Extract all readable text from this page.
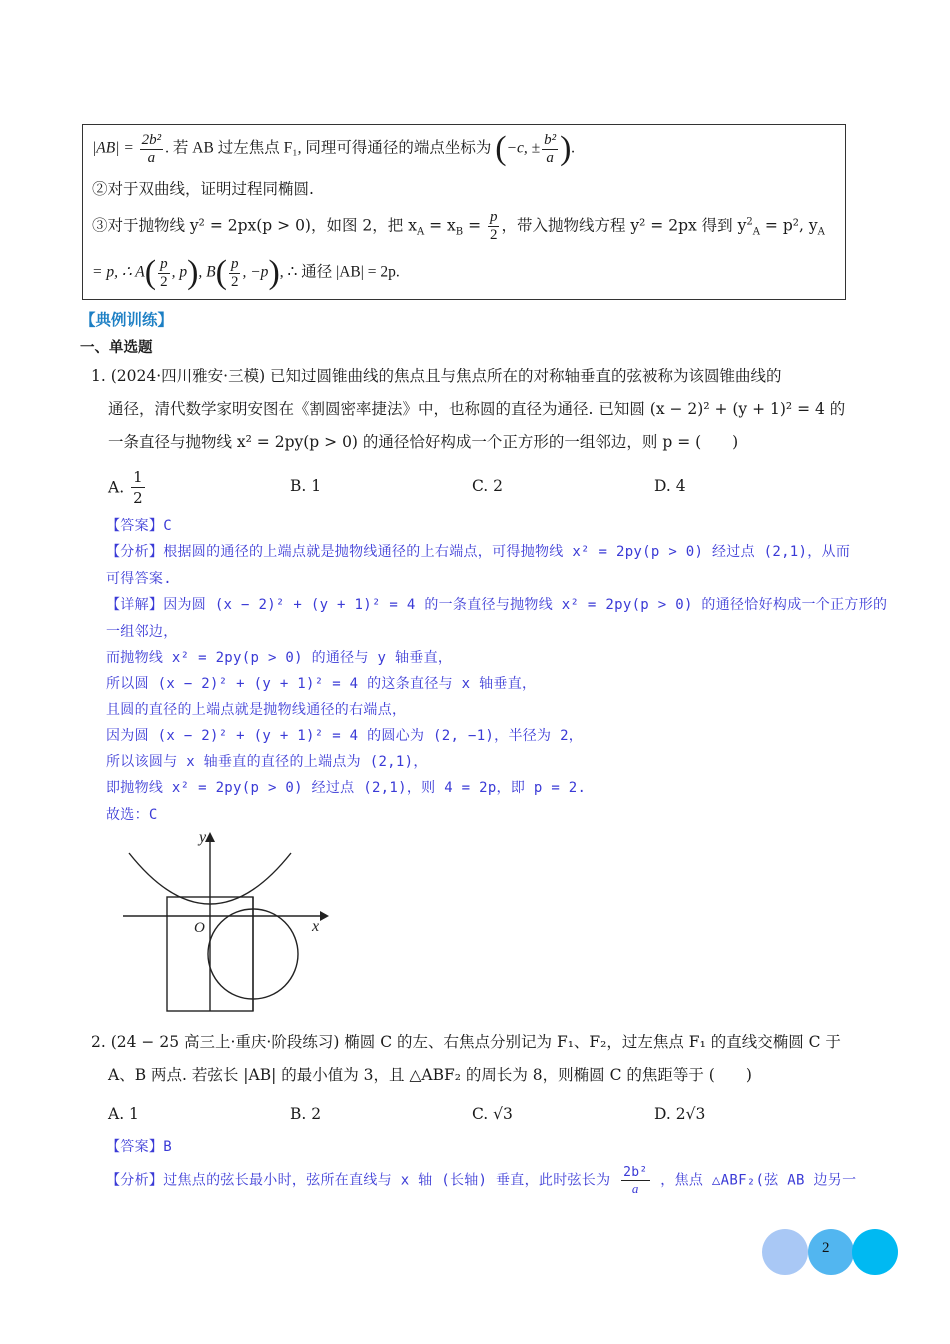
$|AB| = \frac{\text{2b²}}{a}$ . 若 AB 过左焦点 F₁, 同理可得通径的端点坐标为 (−c, ± $\frac{\text{b²}}{a}$ ).
②对于双曲线，证明过程同椭圆.
③对于抛物线 y² = 2px(p > 0)，如图 2，把 $x_A = x_B = \frac{p}{2}$ ，带入抛物线方程 y² = 2px 得到 $y^2_A = p^2$, $y_A$
= p, ∴ $A( \frac{p}{2}$ , p), $B( \frac{p}{2}$ , −p), ∴ 通径 |AB| = 2p.
【典例训练】
一、单选题
1. (2024·四川雅安·三模) 已知过圆锥曲线的焦点且与焦点所在的对称轴垂直的弦被称为该圆锥曲线的
通径，清代数学家明安图在《割圆密率捷法》中，也称圆的直径为通径. 已知圆 (x − 2)² + (y + 1)² = 4 的
一条直径与抛物线 x² = 2py(p > 0) 的通径恰好构成一个正方形的一组邻边，则 p = (　　)
A. $\frac{1}{2}$	B. 1	C. 2	D. 4
【答案】C
【分析】根据圆的通径的上端点就是抛物线通径的上右端点，可得抛物线 x² = 2py(p > 0) 经过点 (2,1)，从而
可得答案.
【详解】因为圆 (x − 2)² + (y + 1)² = 4 的一条直径与抛物线 x² = 2py(p > 0) 的通径恰好构成一个正方形的
一组邻边，
而抛物线 x² = 2py(p > 0) 的通径与 y 轴垂直，
所以圆 (x − 2)² + (y + 1)² = 4 的这条直径与 x 轴垂直，
且圆的直径的上端点就是抛物线通径的右端点，
因为圆 (x − 2)² + (y + 1)² = 4 的圆心为 (2, −1)，半径为 2，
所以该圆与 x 轴垂直的直径的上端点为 (2,1)，
即抛物线 x² = 2py(p > 0) 经过点 (2,1)，则 4 = 2p，即 p = 2.
故选：C
y
x
O
2. (24 − 25 高三上·重庆·阶段练习) 椭圆 C 的左、右焦点分别记为 F₁、F₂，过左焦点 F₁ 的直线交椭圆 C 于
A、B 两点. 若弦长 |AB| 的最小值为 3，且 △ABF₂ 的周长为 8，则椭圆 C 的焦距等于 (　　)
A. 1	B. 2	C. √3	D. 2√3
【答案】B
【分析】过焦点的弦长最小时，弦所在直线与 x 轴 (长轴) 垂直，此时弦长为 $\frac{\text{2b²}}{a}$ ，焦点 △ABF₂(弦 AB 边另一
2
